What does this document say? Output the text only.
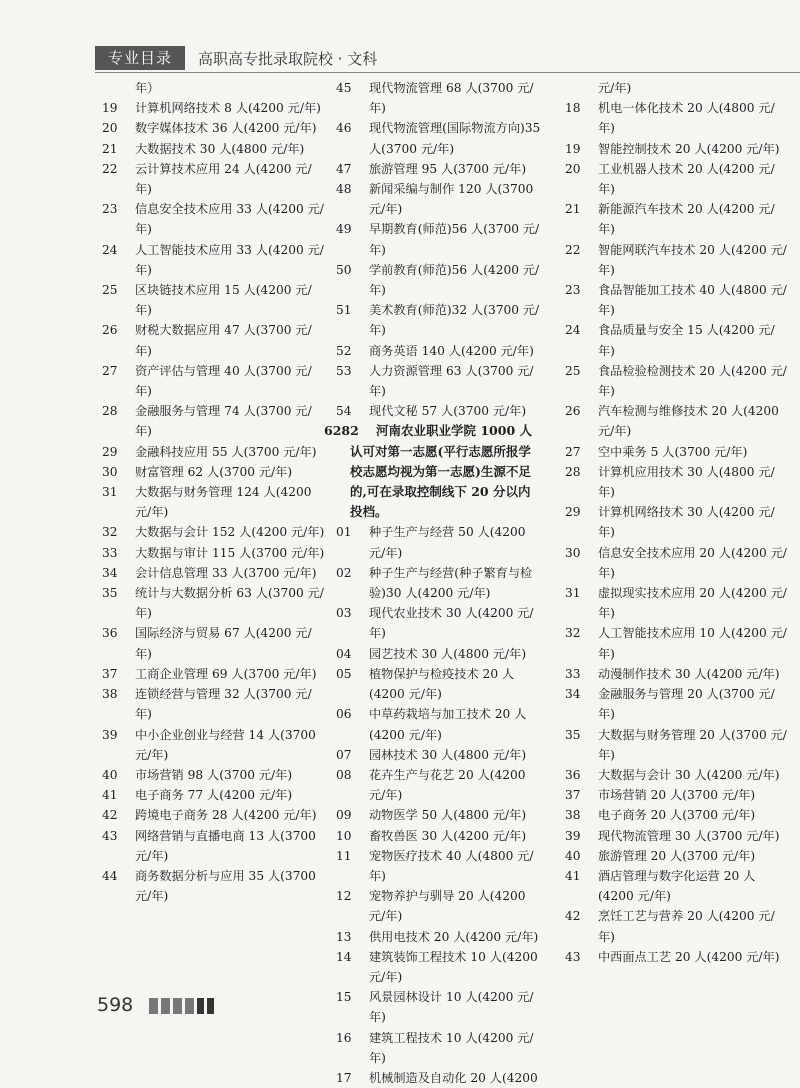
专业目录	高职高专批录取院校 · 文科
年）
19 计算机网络技术 8 人(4200 元/年)
20 数字媒体技术 36 人(4200 元/年)
21 大数据技术 30 人(4800 元/年)
22 云计算技术应用 24 人(4200 元/年)
23 信息安全技术应用 33 人(4200 元/年)
24 人工智能技术应用 33 人(4200 元/年)
25 区块链技术应用 15 人(4200 元/年)
26 财税大数据应用 47 人(3700 元/年)
27 资产评估与管理 40 人(3700 元/年)
28 金融服务与管理 74 人(3700 元/年)
29 金融科技应用 55 人(3700 元/年)
30 财富管理 62 人(3700 元/年)
31 大数据与财务管理 124 人(4200 元/年)
32 大数据与会计 152 人(4200 元/年)
33 大数据与审计 115 人(3700 元/年)
34 会计信息管理 33 人(3700 元/年)
35 统计与大数据分析 63 人(3700 元/年)
36 国际经济与贸易 67 人(4200 元/年)
37 工商企业管理 69 人(3700 元/年)
38 连锁经营与管理 32 人(3700 元/年)
39 中小企业创业与经营 14 人(3700 元/年)
40 市场营销 98 人(3700 元/年)
41 电子商务 77 人(4200 元/年)
42 跨境电子商务 28 人(4200 元/年)
43 网络营销与直播电商 13 人(3700 元/年)
44 商务数据分析与应用 35 人(3700 元/年)
45 现代物流管理 68 人(3700 元/年)
46 现代物流管理(国际物流方向)35 人(3700 元/年)
47 旅游管理 95 人(3700 元/年)
48 新闻采编与制作 120 人(3700 元/年)
49 早期教育(师范)56 人(3700 元/年)
50 学前教育(师范)56 人(4200 元/年)
51 美术教育(师范)32 人(3700 元/年)
52 商务英语 140 人(4200 元/年)
53 人力资源管理 63 人(3700 元/年)
54 现代文秘 57 人(3700 元/年)
6282 河南农业职业学院 1000 人
认可对第一志愿(平行志愿所报学校志愿均视为第一志愿)生源不足的,可在录取控制线下 20 分以内投档。
01 种子生产与经营 50 人(4200 元/年)
02 种子生产与经营(种子繁育与检验)30 人(4200 元/年)
03 现代农业技术 30 人(4200 元/年)
04 园艺技术 30 人(4800 元/年)
05 植物保护与检疫技术 20 人(4200 元/年)
06 中草药栽培与加工技术 20 人(4200 元/年)
07 园林技术 30 人(4800 元/年)
08 花卉生产与花艺 20 人(4200 元/年)
09 动物医学 50 人(4800 元/年)
10 畜牧兽医 30 人(4200 元/年)
11 宠物医疗技术 40 人(4800 元/年)
12 宠物养护与驯导 20 人(4200 元/年)
13 供用电技术 20 人(4200 元/年)
14 建筑装饰工程技术 10 人(4200 元/年)
15 风景园林设计 10 人(4200 元/年)
16 建筑工程技术 10 人(4200 元/年)
17 机械制造及自动化 20 人(4200
元/年)
18 机电一体化技术 20 人(4800 元/年)
19 智能控制技术 20 人(4200 元/年)
20 工业机器人技术 20 人(4200 元/年)
21 新能源汽车技术 20 人(4200 元/年)
22 智能网联汽车技术 20 人(4200 元/年)
23 食品智能加工技术 40 人(4800 元/年)
24 食品质量与安全 15 人(4200 元/年)
25 食品检验检测技术 20 人(4200 元/年)
26 汽车检测与维修技术 20 人(4200 元/年)
27 空中乘务 5 人(3700 元/年)
28 计算机应用技术 30 人(4800 元/年)
29 计算机网络技术 30 人(4200 元/年)
30 信息安全技术应用 20 人(4200 元/年)
31 虚拟现实技术应用 20 人(4200 元/年)
32 人工智能技术应用 10 人(4200 元/年)
33 动漫制作技术 30 人(4200 元/年)
34 金融服务与管理 20 人(3700 元/年)
35 大数据与财务管理 20 人(3700 元/年)
36 大数据与会计 30 人(4200 元/年)
37 市场营销 20 人(3700 元/年)
38 电子商务 20 人(3700 元/年)
39 现代物流管理 30 人(3700 元/年)
40 旅游管理 20 人(3700 元/年)
41 酒店管理与数字化运营 20 人(4200 元/年)
42 烹饪工艺与营养 20 人(4200 元/年)
43 中西面点工艺 20 人(4200 元/年)
598
